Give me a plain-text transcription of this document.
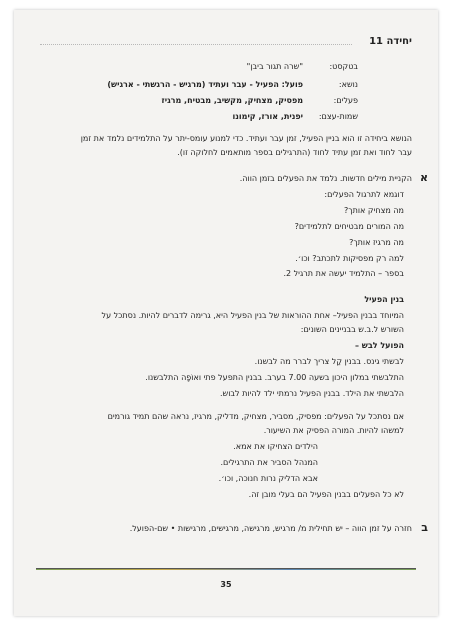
יחידה 11
בטקסט:
"שרה תגור ביבן"
נושא:
פועל: הפעיל - עבר ועתיד (מרגיש - הרגשתי - ארגיש)
פעלים:
מפסיק, מצחיק, מקשיב, מבטיח, מרגיז
שמות-עצם:
יפנית, אורז, קימונו
הנושא ביחידה זו הוא בניין הפעיל, זמן עבר ועתיד. כדי למנוע עומס-יתר על התלמידים נלמד את זמן
עבר לחוד ואת זמן עתיד לחוד (התרגילים בספר מותאמים לחלוקה זו).
א
הקניית מילים חדשות. נלמד את הפעלים בזמן הווה.
דוגמא לתרגול הפעלים:
מה מצחיק אותך?
מה המורים מבטיחים לתלמידים?
מה מרגיז אותך?
למה רק מפסיקות לתכתב? וכו׳.
בספר – התלמיד יעשה את תרגיל 2.
בנין הפעיל
המיוחד בבנין הפעיל– אחת ההוראות של בנין הפעיל היא, גרימה לדברים להיות. נסתכל על
השורש ל.ב.ש בבניינים השונים:
הפועל לבש –
לבשתי גינס. בבנין קַל צריך לברר מה לבשנו.
התלבשתי במלון היכון בשעה 7.00 בערב. בבנין התפעל פתי ואוֹפָה התלבשנו.
הלבשתי את הילד. בבנין הפעיל נרמתי ילד להיות לבוש.
אם נסתכל על הפעלים: מפסיק, מסביר, מצחיק, מדליק, מרגיז, נראה שהם תמיד גורמים
למשהו להיות. המורה הפסיק את השיעור.
הילדים הצחיקו את אמא.
המנהל הסביר את התרגילים.
אבא הדליק נרות חנוכה, וכו׳.
לא כל הפעלים בבנין הפעיל הם בעלי מובן זה.
ב
חזרה על זמן הווה – יש תחילית מ/ מרגיש, מרגישה, מרגישים, מרגישות • שם-הפועל.
35
